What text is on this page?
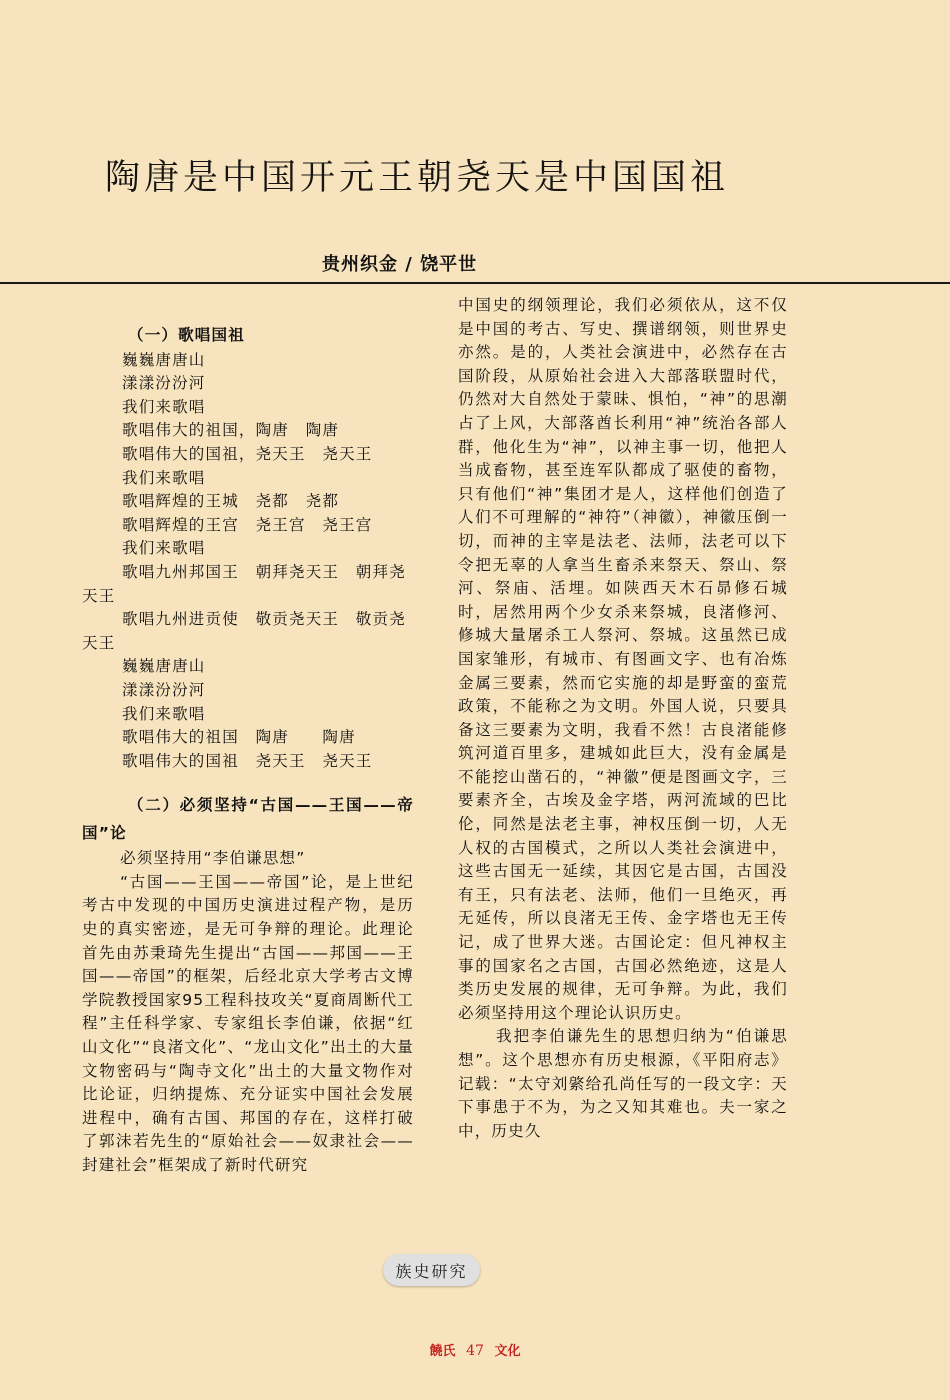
陶唐是中国开元王朝尧天是中国国祖
贵州织金 / 饶平世

（一）歌唱国祖

巍巍唐唐山

漾漾汾汾河

我们来歌唱

歌唱伟大的祖国，陶唐　陶唐

歌唱伟大的国祖，尧天王　尧天王

我们来歌唱

歌唱辉煌的王城　尧都　尧都

歌唱辉煌的王宫　尧王宫　尧王宫

我们来歌唱

歌唱九州邦国王　朝拜尧天王　朝拜尧天王

歌唱九州进贡使　敬贡尧天王　敬贡尧天王

巍巍唐唐山

漾漾汾汾河

我们来歌唱

歌唱伟大的祖国　陶唐　　陶唐

歌唱伟大的国祖　尧天王　尧天王

（二）必须坚持“古国——王国——帝国”论

必须坚持用“李伯谦思想”

“古国——王国——帝国”论，是上世纪考古中发现的中国历史演进过程产物，是历史的真实密迹，是无可争辩的理论。此理论首先由苏秉琦先生提出“古国——邦国——王国——帝国”的框架，后经北京大学考古文博学院教授国家95工程科技攻关“夏商周断代工程”主任科学家、专家组长李伯谦，依据“红山文化”“良渚文化”、“龙山文化”出土的大量文物密码与“陶寺文化”出土的大量文物作对比论证，归纳提炼、充分证实中国社会发展进程中，确有古国、邦国的存在，这样打破了郭沫若先生的“原始社会——奴隶社会——封建社会”框架成了新时代研究

中国史的纲领理论，我们必须依从，这不仅是中国的考古、写史、撰谱纲领，则世界史亦然。是的，人类社会演进中，必然存在古国阶段，从原始社会进入大部落联盟时代，仍然对大自然处于蒙昧、惧怕，“神”的思潮占了上风，大部落酋长利用“神”统治各部人群，他化生为“神”，以神主事一切，他把人当成畜物，甚至连军队都成了驱使的畜物，只有他们“神”集团才是人，这样他们创造了人们不可理解的“神符”（神徽），神徽压倒一切，而神的主宰是法老、法师，法老可以下令把无辜的人拿当生畜杀来祭天、祭山、祭河、祭庙、活埋。如陕西天木石昴修石城时，居然用两个少女杀来祭城，良渚修河、修城大量屠杀工人祭河、祭城。这虽然已成国家雏形，有城市、有图画文字、也有冶炼金属三要素，然而它实施的却是野蛮的蛮荒政策，不能称之为文明。外国人说，只要具备这三要素为文明，我看不然！古良渚能修筑河道百里多，建城如此巨大，没有金属是不能挖山凿石的，“神徽”便是图画文字，三要素齐全，古埃及金字塔，两河流域的巴比伦，同然是法老主事，神权压倒一切，人无人权的古国模式，之所以人类社会演进中，这些古国无一延续，其因它是古国，古国没有王，只有法老、法师，他们一旦绝灭，再无延传，所以良渚无王传、金字塔也无王传记，成了世界大迷。古国论定：但凡神权主事的国家名之古国，古国必然绝迹，这是人类历史发展的规律，无可争辩。为此，我们必须坚持用这个理论认识历史。

我把李伯谦先生的思想归纳为“伯谦思想”。这个思想亦有历史根源，《平阳府志》记载：“太守刘綮给孔尚任写的一段文字：天下事患于不为，为之又知其难也。夫一家之中，历史久

族史研究
饒氏 47 文化
